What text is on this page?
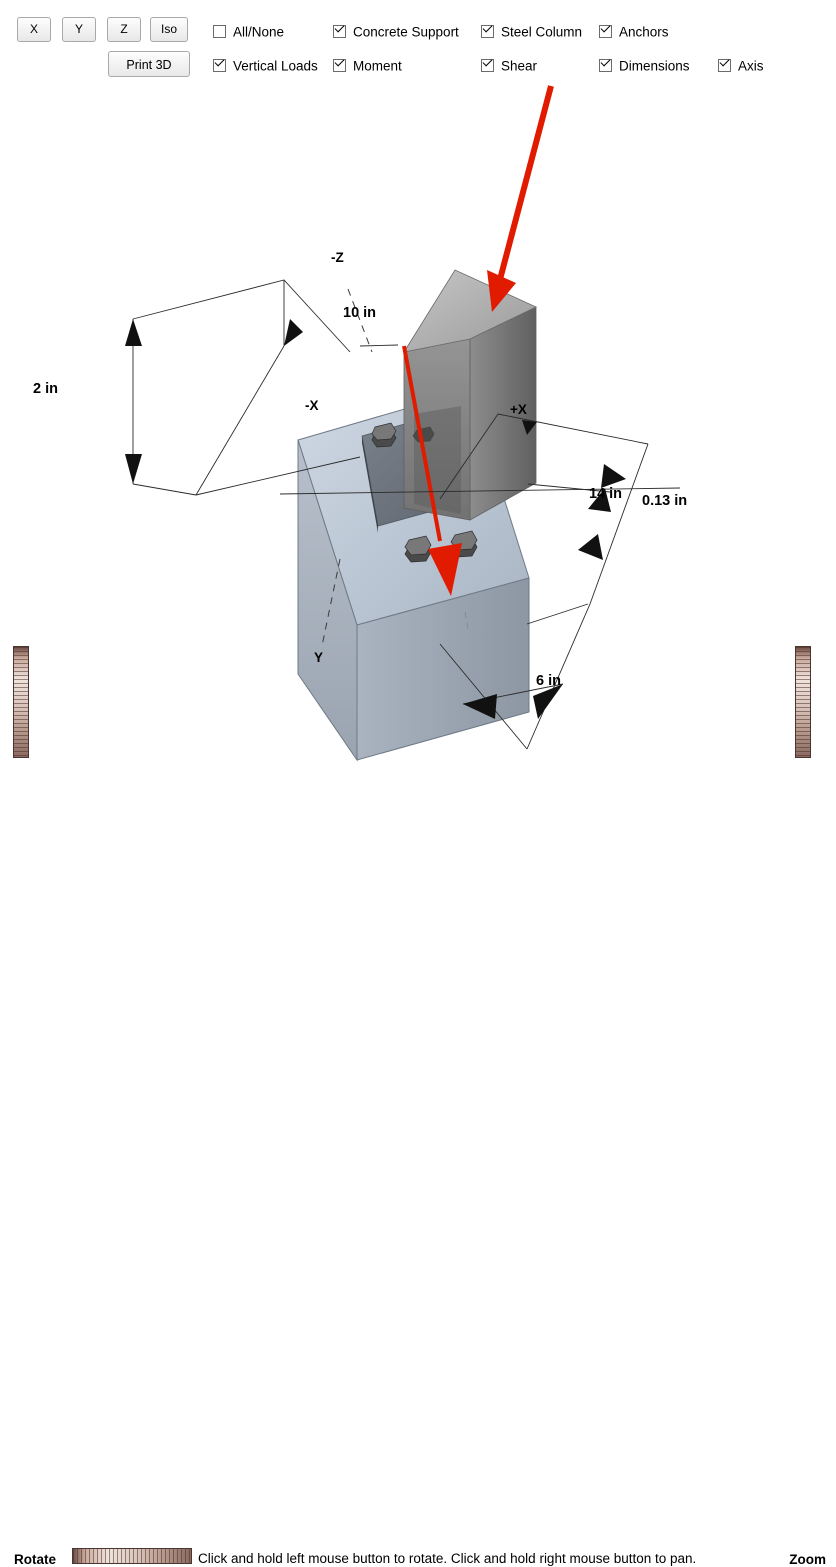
X	Y	Z	Iso
Print 3D
All/None	Concrete Support	Steel Column	Anchors
Vertical Loads	Moment	Shear	Dimensions	Axis
-Z
-X	+X
Y
2 in
10 in
0.13 in
14 in
6 in
Rotate	Click and hold left mouse button to rotate. Click and hold right mouse button to pan.	Zoom
